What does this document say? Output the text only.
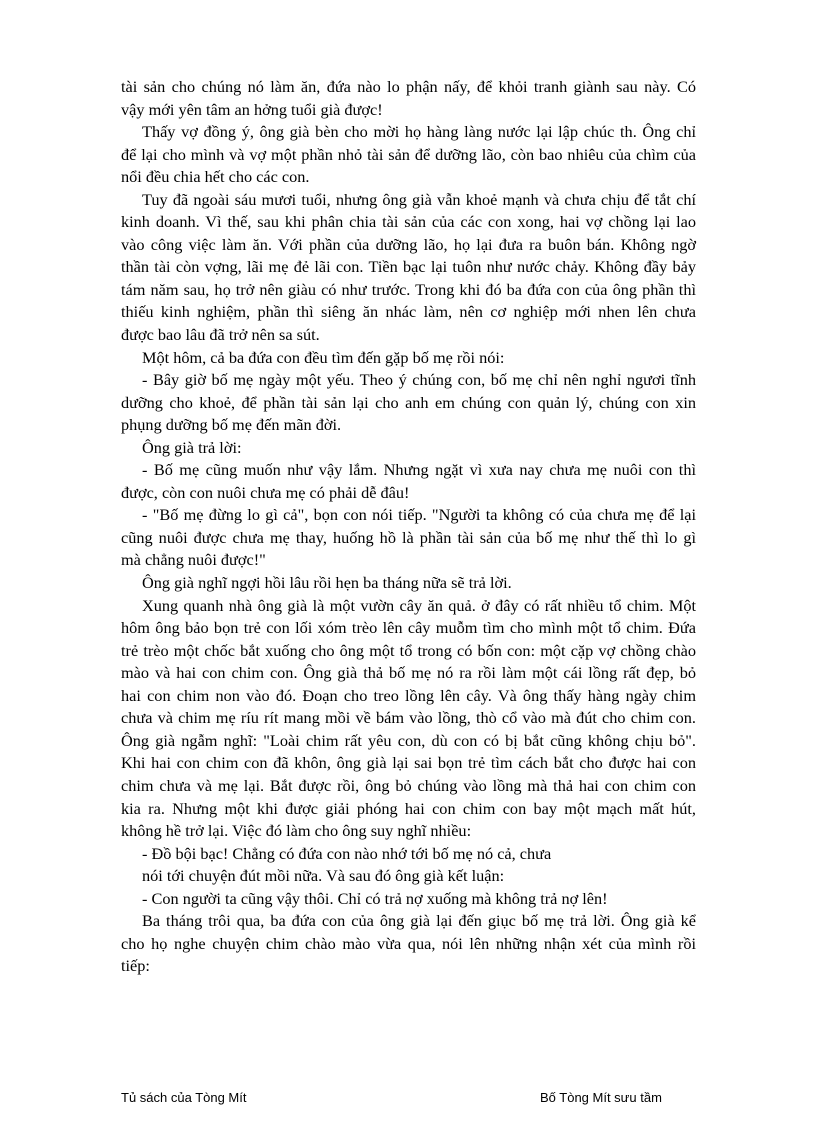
tài sản cho chúng nó làm ăn, đứa nào lo phận nấy, để khỏi tranh giành sau này. Có
vậy mới yên tâm an hởng tuổi già được!
Thấy vợ đồng ý, ông già bèn cho mời họ hàng làng nước lại lập chúc th. Ông chỉ
để lại cho mình và vợ một phần nhỏ tài sản để dưỡng lão, còn bao nhiêu của chìm của
nổi đều chia hết cho các con.
Tuy đã ngoài sáu mươi tuổi, nhưng ông già vẫn khoẻ mạnh và chưa chịu để tắt chí
kinh doanh. Vì thế, sau khi phân chia tài sản của các con xong, hai vợ chồng lại lao
vào công việc làm ăn. Với phần của dưỡng lão, họ lại đưa ra buôn bán. Không ngờ
thần tài còn vợng, lãi mẹ đẻ lãi con. Tiền bạc lại tuôn như nước chảy. Không đầy bảy
tám năm sau, họ trở nên giàu có như trước. Trong khi đó ba đứa con của ông phần thì
thiếu kinh nghiệm, phần thì siêng ăn nhác làm, nên cơ nghiệp mới nhen lên chưa
được bao lâu đã trở nên sa sút.
Một hôm, cả ba đứa con đều tìm đến gặp bố mẹ rồi nói:
- Bây giờ bố mẹ ngày một yếu. Theo ý chúng con, bố mẹ chỉ nên nghỉ ngươi tĩnh
dưỡng cho khoẻ, để phần tài sản lại cho anh em chúng con quản lý, chúng con xin
phụng dưỡng bố mẹ đến mãn đời.
Ông già trả lời:
- Bố mẹ cũng muốn như vậy lắm. Nhưng ngặt vì xưa nay chưa mẹ nuôi con thì
được, còn con nuôi chưa mẹ có phải dễ đâu!
- "Bố mẹ đừng lo gì cả", bọn con nói tiếp. "Người ta không có của chưa mẹ để lại
cũng nuôi được chưa mẹ thay, huống hồ là phần tài sản của bố mẹ như thế thì lo gì
mà chẳng nuôi được!"
Ông già nghĩ ngợi hồi lâu rồi hẹn ba tháng nữa sẽ trả lời.
Xung quanh nhà ông già là một vườn cây ăn quả. ở đây có rất nhiều tổ chim. Một
hôm ông bảo bọn trẻ con lối xóm trèo lên cây muỗm tìm cho mình một tổ chim. Đứa
trẻ trèo một chốc bắt xuống cho ông một tổ trong có bốn con: một cặp vợ chồng chào
mào và hai con chim con. Ông già thả bố mẹ nó ra rồi làm một cái lồng rất đẹp, bỏ
hai con chim non vào đó. Đoạn cho treo lồng lên cây. Và ông thấy hàng ngày chim
chưa và chim mẹ ríu rít mang mồi về bám vào lồng, thò cổ vào mà đút cho chim con.
Ông già ngẫm nghĩ: "Loài chim rất yêu con, dù con có bị bắt cũng không chịu bỏ".
Khi hai con chim con đã khôn, ông già lại sai bọn trẻ tìm cách bắt cho được hai con
chim chưa và mẹ lại. Bắt được rồi, ông bỏ chúng vào lồng mà thả hai con chim con
kia ra. Nhưng một khi được giải phóng hai con chim con bay một mạch mất hút,
không hề trở lại. Việc đó làm cho ông suy nghĩ nhiều:
- Đồ bội bạc! Chẳng có đứa con nào nhớ tới bố mẹ nó cả, chưa
nói tới chuyện đút mồi nữa. Và sau đó ông già kết luận:
- Con người ta cũng vậy thôi. Chỉ có trả nợ xuống mà không trả nợ lên!
Ba tháng trôi qua, ba đứa con của ông già lại đến giục bố mẹ trả lời. Ông già kể
cho họ nghe chuyện chim chào mào vừa qua, nói lên những nhận xét của mình rồi
tiếp:
Tủ sách của Tòng Mít	Bố Tòng Mít sưu tầm
